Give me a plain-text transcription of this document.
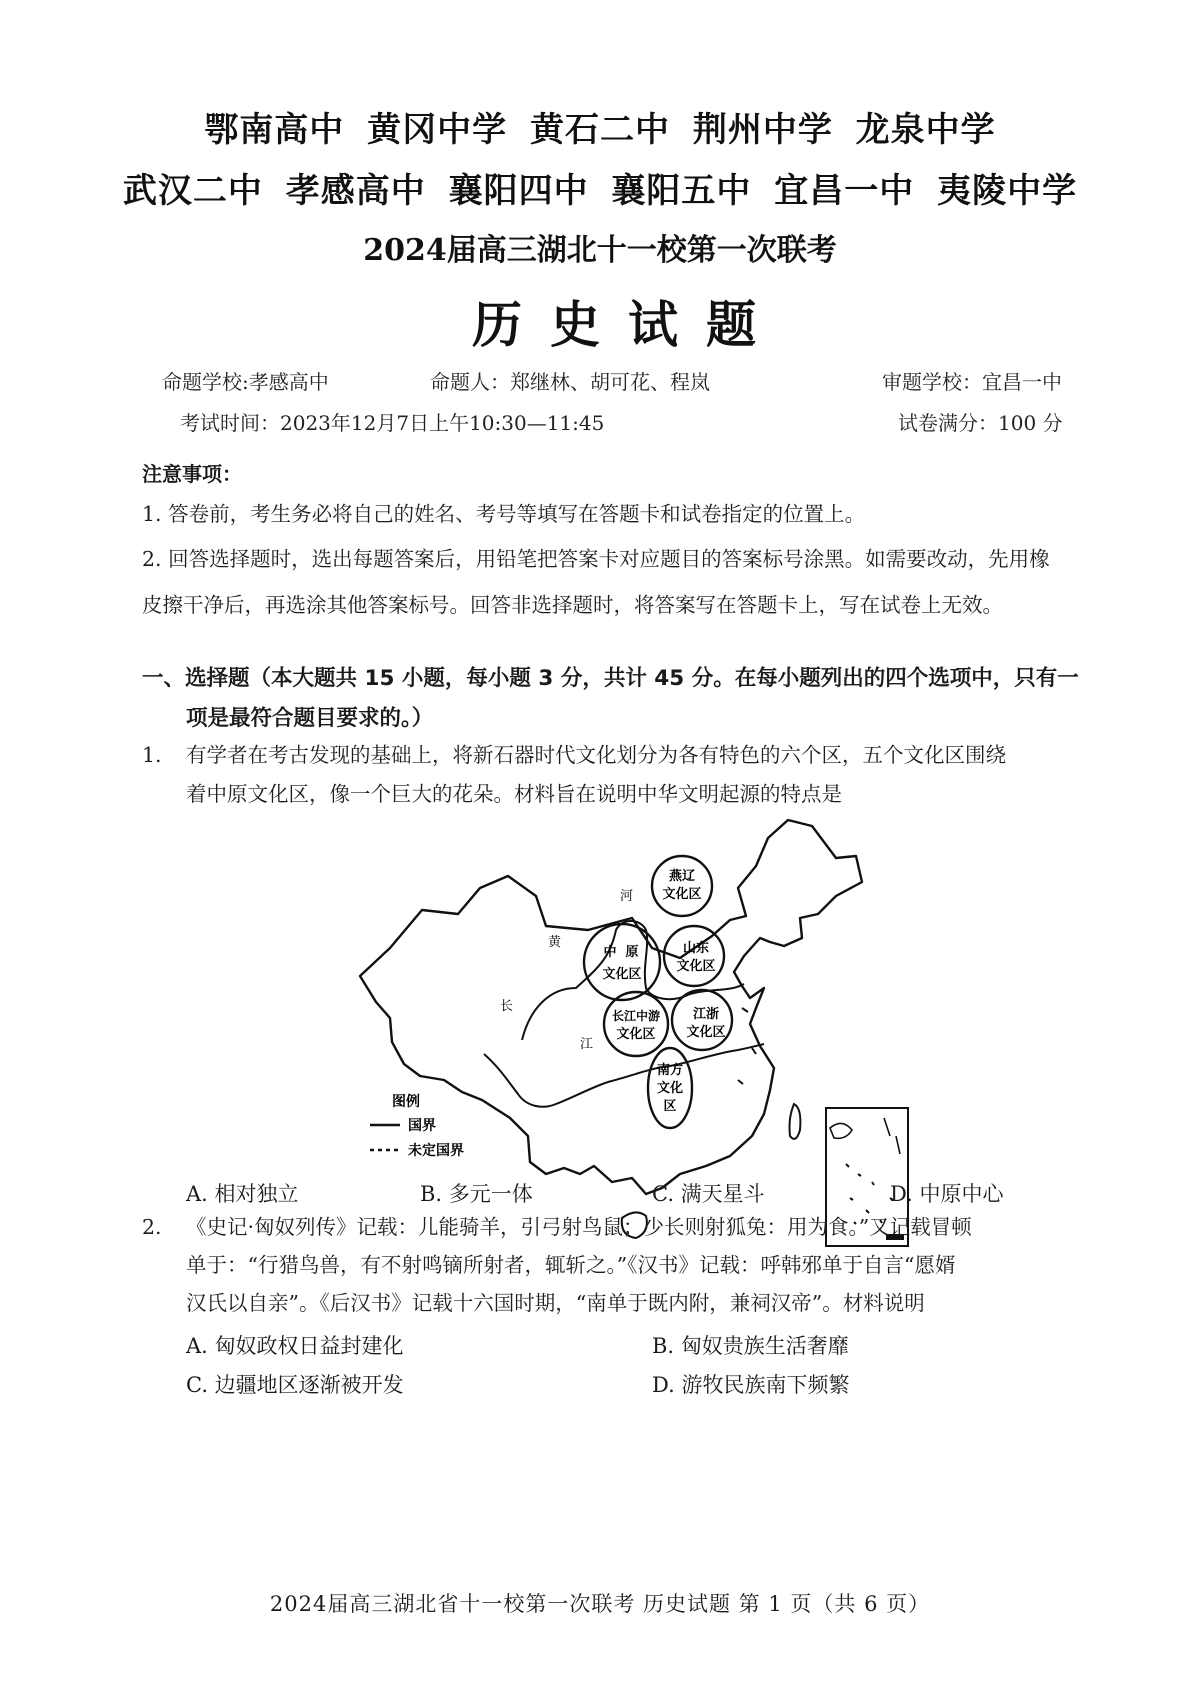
鄂南高中 黄冈中学 黄石二中 荆州中学 龙泉中学
武汉二中 孝感高中 襄阳四中 襄阳五中 宜昌一中 夷陵中学
2024届高三湖北十一校第一次联考
历史试题
命题学校:孝感高中	命题人：郑继林、胡可花、程岚	审题学校：宜昌一中
考试时间：2023年12月7日上午10:30—11:45	试卷满分：100 分
注意事项：
1. 答卷前，考生务必将自己的姓名、考号等填写在答题卡和试卷指定的位置上。
2. 回答选择题时，选出每题答案后，用铅笔把答案卡对应题目的答案标号涂黑。如需要改动，先用橡
皮擦干净后，再选涂其他答案标号。回答非选择题时，将答案写在答题卡上，写在试卷上无效。
一、选择题（本大题共 15 小题，每小题 3 分，共计 45 分。在每小题列出的四个选项中，只有一
项是最符合题目要求的。）
1. 有学者在考古发现的基础上，将新石器时代文化划分为各有特色的六个区，五个文化区围绕
着中原文化区，像一个巨大的花朵。材料旨在说明中华文明起源的特点是
河
黄
长
江
燕辽
文化区
中 原
文化区
山东
文化区
长江中游
文化区
江浙
文化区
南方
文化
区
图例
国界
未定国界
A. 相对独立	B. 多元一体	C. 满天星斗	D. 中原中心
2. 《史记·匈奴列传》记载：儿能骑羊，引弓射鸟鼠；少长则射狐兔：用为食。”又记载冒顿
单于：“行猎鸟兽，有不射鸣镝所射者，辄斩之。”《汉书》记载：呼韩邪单于自言“愿婿
汉氏以自亲”。《后汉书》记载十六国时期，“南单于既内附，兼祠汉帝”。材料说明
A. 匈奴政权日益封建化	B. 匈奴贵族生活奢靡
C. 边疆地区逐渐被开发	D. 游牧民族南下频繁
2024届高三湖北省十一校第一次联考 历史试题 第 1 页（共 6 页）
